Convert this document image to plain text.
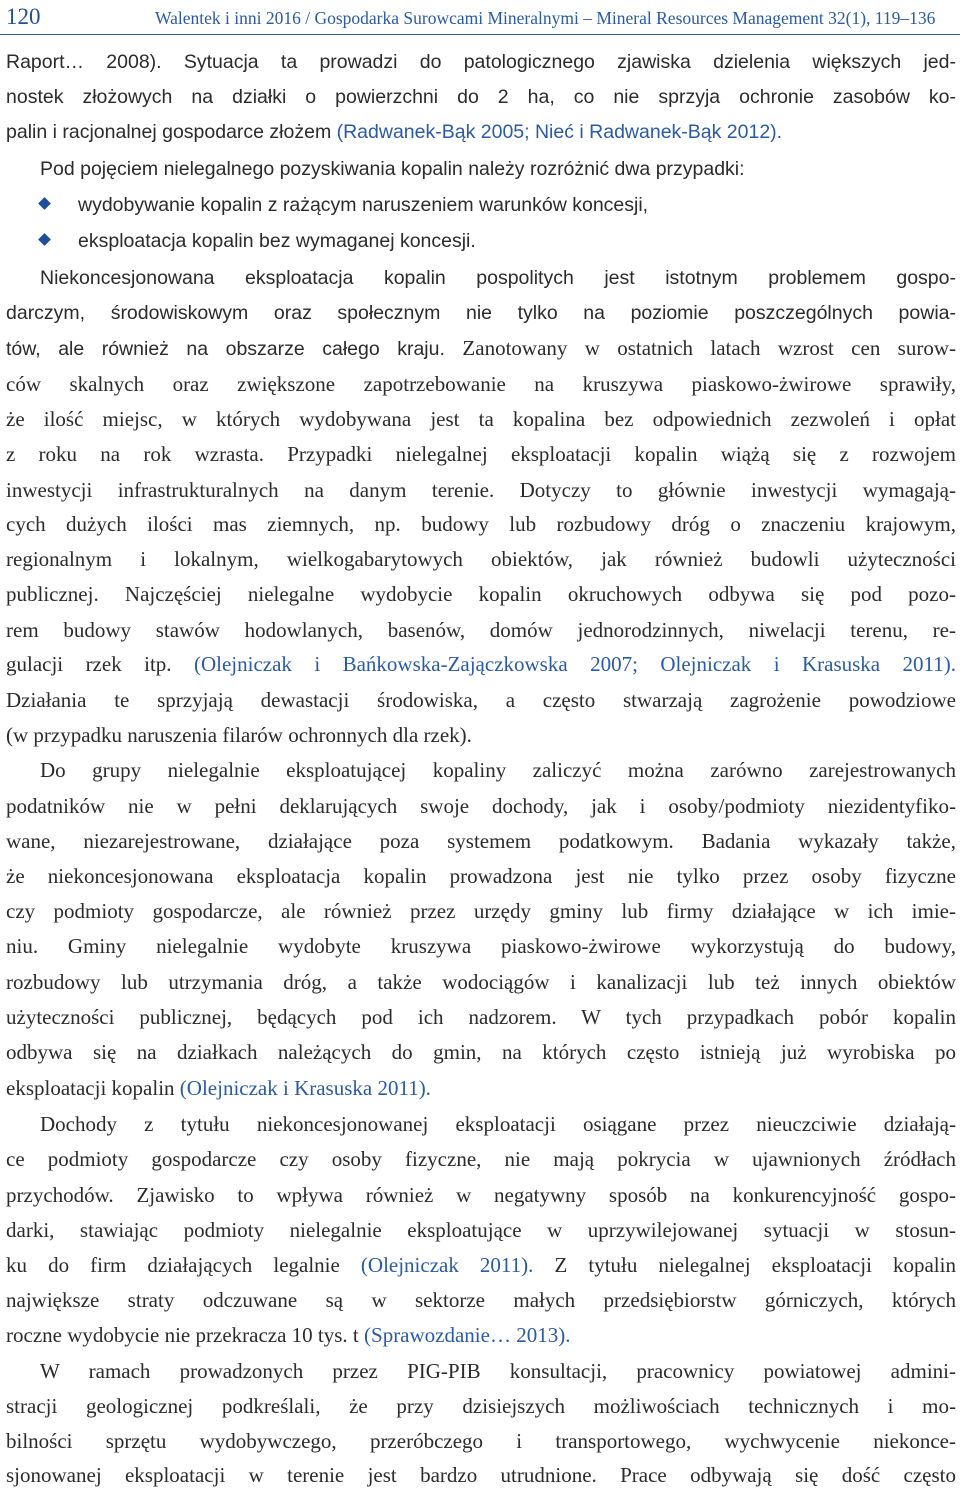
120	Walentek i inni 2016 / Gospodarka Surowcami Mineralnymi – Mineral Resources Management 32(1), 119–136
Raport… 2008). Sytuacja ta prowadzi do patologicznego zjawiska dzielenia większych jed-
nostek złożowych na działki o powierzchni do 2 ha, co nie sprzyja ochronie zasobów ko-
palin i racjonalnej gospodarce złożem (Radwanek-Bąk 2005; Nieć i Radwanek-Bąk 2012).
Pod pojęciem nielegalnego pozyskiwania kopalin należy rozróżnić dwa przypadki:
wydobywanie kopalin z rażącym naruszeniem warunków koncesji,
eksploatacja kopalin bez wymaganej koncesji.
Niekoncesjonowana eksploatacja kopalin pospolitych jest istotnym problemem gospo-
darczym, środowiskowym oraz społecznym nie tylko na poziomie poszczególnych powia-
tów, ale również na obszarze całego kraju. Zanotowany w ostatnich latach wzrost cen surow-
ców skalnych oraz zwiększone zapotrzebowanie na kruszywa piaskowo-żwirowe sprawiły,
że ilość miejsc, w których wydobywana jest ta kopalina bez odpowiednich zezwoleń i opłat
z roku na rok wzrasta. Przypadki nielegalnej eksploatacji kopalin wiążą się z rozwojem
inwestycji infrastrukturalnych na danym terenie. Dotyczy to głównie inwestycji wymagają-
cych dużych ilości mas ziemnych, np. budowy lub rozbudowy dróg o znaczeniu krajowym,
regionalnym i lokalnym, wielkogabarytowych obiektów, jak również budowli użyteczności
publicznej. Najczęściej nielegalne wydobycie kopalin okruchowych odbywa się pod pozo-
rem budowy stawów hodowlanych, basenów, domów jednorodzinnych, niwelacji terenu, re-
gulacji rzek itp. (Olejniczak i Bańkowska-Zajączkowska 2007; Olejniczak i Krasuska 2011).
Działania te sprzyjają dewastacji środowiska, a często stwarzają zagrożenie powodziowe
(w przypadku naruszenia filarów ochronnych dla rzek).
Do grupy nielegalnie eksploatującej kopaliny zaliczyć można zarówno zarejestrowanych
podatników nie w pełni deklarujących swoje dochody, jak i osoby/podmioty niezidentyfiko-
wane, niezarejestrowane, działające poza systemem podatkowym. Badania wykazały także,
że niekoncesjonowana eksploatacja kopalin prowadzona jest nie tylko przez osoby fizyczne
czy podmioty gospodarcze, ale również przez urzędy gminy lub firmy działające w ich imie-
niu. Gminy nielegalnie wydobyte kruszywa piaskowo-żwirowe wykorzystują do budowy,
rozbudowy lub utrzymania dróg, a także wodociągów i kanalizacji lub też innych obiektów
użyteczności publicznej, będących pod ich nadzorem. W tych przypadkach pobór kopalin
odbywa się na działkach należących do gmin, na których często istnieją już wyrobiska po
eksploatacji kopalin (Olejniczak i Krasuska 2011).
Dochody z tytułu niekoncesjonowanej eksploatacji osiągane przez nieuczciwie działają-
ce podmioty gospodarcze czy osoby fizyczne, nie mają pokrycia w ujawnionych źródłach
przychodów. Zjawisko to wpływa również w negatywny sposób na konkurencyjność gospo-
darki, stawiając podmioty nielegalnie eksploatujące w uprzywilejowanej sytuacji w stosun-
ku do firm działających legalnie (Olejniczak 2011). Z tytułu nielegalnej eksploatacji kopalin
największe straty odczuwane są w sektorze małych przedsiębiorstw górniczych, których
roczne wydobycie nie przekracza 10 tys. t (Sprawozdanie… 2013).
W ramach prowadzonych przez PIG-PIB konsultacji, pracownicy powiatowej admini-
stracji geologicznej podkreślali, że przy dzisiejszych możliwościach technicznych i mo-
bilności sprzętu wydobywczego, przeróbczego i transportowego, wychwycenie niekonce-
sjonowanej eksploatacji w terenie jest bardzo utrudnione. Prace odbywają się dość często
